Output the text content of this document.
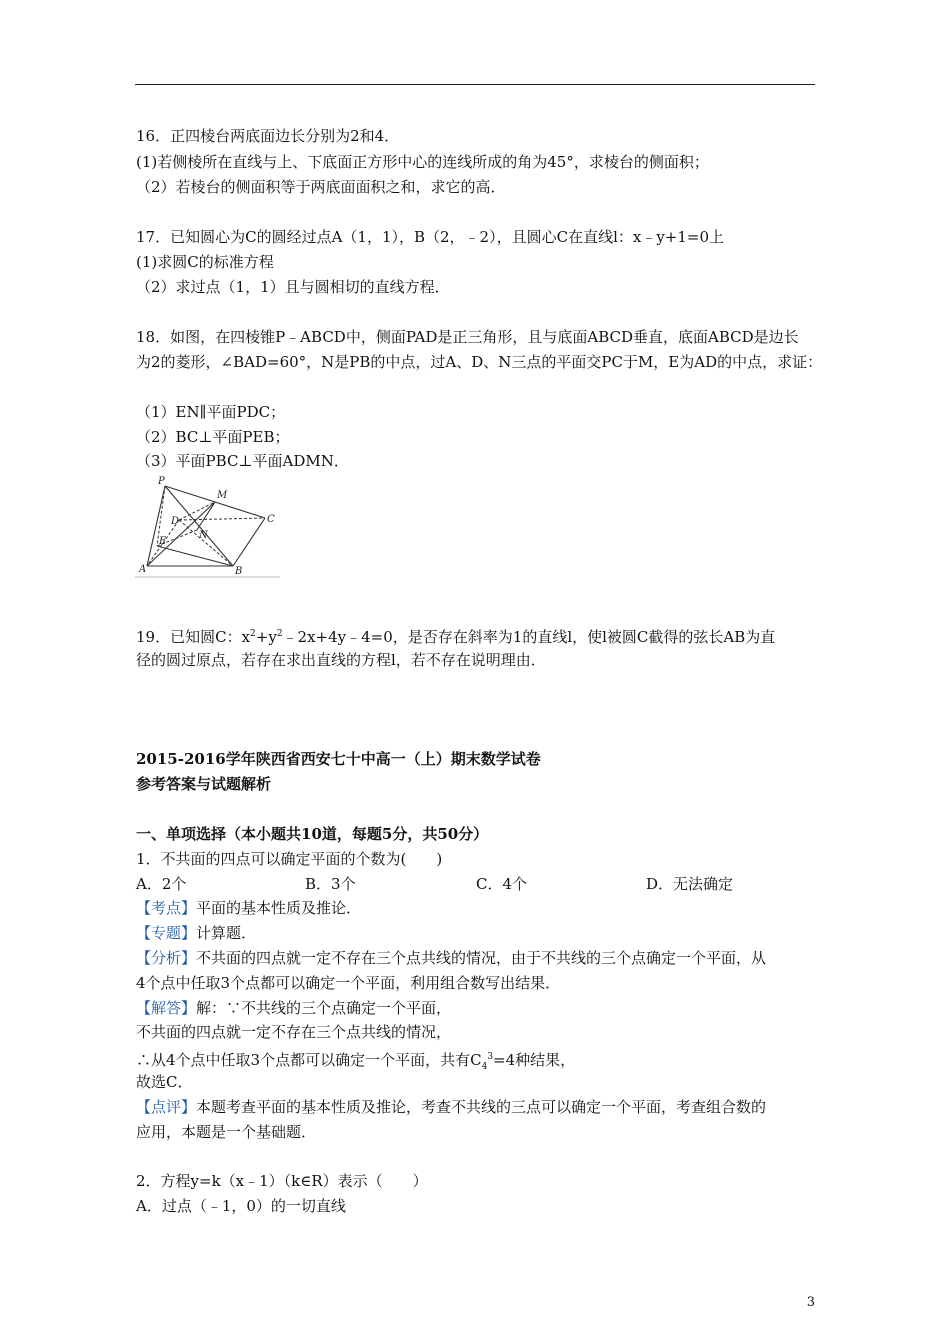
16．正四棱台两底面边长分别为2和4．
(1)若侧棱所在直线与上、下底面正方形中心的连线所成的角为45°，求棱台的侧面积；
（2）若棱台的侧面积等于两底面面积之和，求它的高．
17．已知圆心为C的圆经过点A（1，1），B（2，﹣2），且圆心C在直线l：x﹣y+1=0上
(1)求圆C的标准方程
（2）求过点（1，1）且与圆相切的直线方程．
18．如图，在四棱锥P﹣ABCD中，侧面PAD是正三角形，且与底面ABCD垂直，底面ABCD是边长
为2的菱形，∠BAD=60°，N是PB的中点，过A、D、N三点的平面交PC于M，E为AD的中点，求证：
（1）EN∥平面PDC；
（2）BC⊥平面PEB；
（3）平面PBC⊥平面ADMN．
P
M
C
D
N
E
A	B
19．已知圆C：$x^2+y^2﹣2x+4y﹣4=0$，是否存在斜率为1的直线l，使l被圆C截得的弦长AB为直
径的圆过原点，若存在求出直线的方程l，若不存在说明理由．
2015-2016学年陕西省西安七十中高一（上）期末数学试卷
参考答案与试题解析
一、单项选择（本小题共10道，每题5分，共50分）
1．不共面的四点可以确定平面的个数为(　　)
A．2个	B．3个	C．4个	D．无法确定
【考点】平面的基本性质及推论．
【专题】计算题．
【分析】不共面的四点就一定不存在三个点共线的情况，由于不共线的三个点确定一个平面，从
4个点中任取3个点都可以确定一个平面，利用组合数写出结果．
【解答】解：∵不共线的三个点确定一个平面，
不共面的四点就一定不存在三个点共线的情况，
∴从4个点中任取3个点都可以确定一个平面，共有$C_4^3=4$种结果，
故选C．
【点评】本题考查平面的基本性质及推论，考查不共线的三点可以确定一个平面，考查组合数的
应用，本题是一个基础题．
2．方程y=k（x﹣1）（k∈R）表示（　　）
A．过点（﹣1，0）的一切直线
3
